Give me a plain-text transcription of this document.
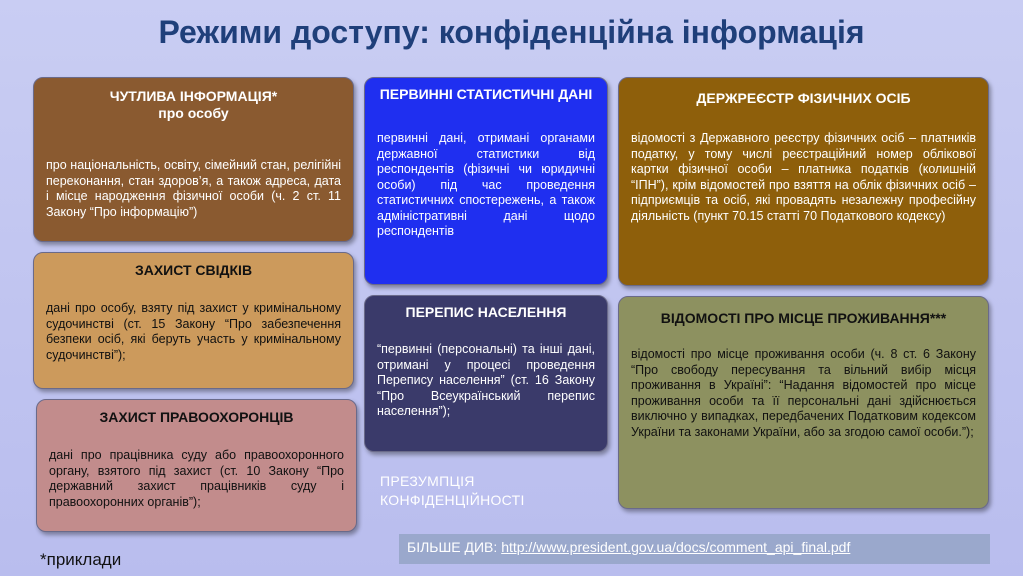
Режими доступу: конфіденційна інформація
ЧУТЛИВА ІНФОРМАЦІЯ*
про особу
про національність, освіту, сімейний стан, релігійні переконання, стан здоров’я, а також адреса, дата і місце народження фізичної особи (ч. 2 ст. 11 Закону “Про інформацію”)
ПЕРВИННІ СТАТИСТИЧНІ ДАНІ
первинні дані, отримані органами державної статистики від респондентів (фізичні чи юридичні особи) під час проведення статистичних спостережень, а також адміністративні дані щодо респондентів
ДЕРЖРЕЄСТР ФІЗИЧНИХ ОСІБ
відомості з Державного реєстру фізичних осіб – платників податку, у тому числі реєстраційний номер облікової картки фізичної особи – платника податків (колишній “ІПН”), крім відомостей про взяття на облік фізичних осіб – підприємців та осіб, які провадять незалежну професійну діяльність (пункт 70.15 статті 70 Податкового кодексу)
ЗАХИСТ СВІДКІВ
дані про особу, взяту під захист у кримінальному судочинстві (ст. 15 Закону “Про забезпечення безпеки осіб, які беруть участь у кримінальному судочинстві”);
ПЕРЕПИС НАСЕЛЕННЯ
“первинні (персональні) та інші дані, отримані у процесі проведення Перепису населення” (ст. 16 Закону “Про Всеукраїнський перепис населення”);
ВІДОМОСТІ ПРО МІСЦЕ ПРОЖИВАННЯ***
відомості про місце проживання особи (ч. 8 ст. 6 Закону “Про свободу пересування та вільний вибір місця проживання в Україні”: “Надання відомостей про місце проживання особи та її персональні дані здійснюється виключно у випадках, передбачених Податковим кодексом України та законами України, або за згодою самої особи.”);
ЗАХИСТ ПРАВООХОРОНЦІВ
дані про працівника суду або правоохоронного органу, взятого під захист (ст. 10 Закону “Про державний захист працівників суду і правоохоронних органів”);
ПРЕЗУМПЦІЯ КОНФІДЕНЦІЙНОСТІ
*приклади
БІЛЬШЕ ДИВ: http://www.president.gov.ua/docs/comment_api_final.pdf
